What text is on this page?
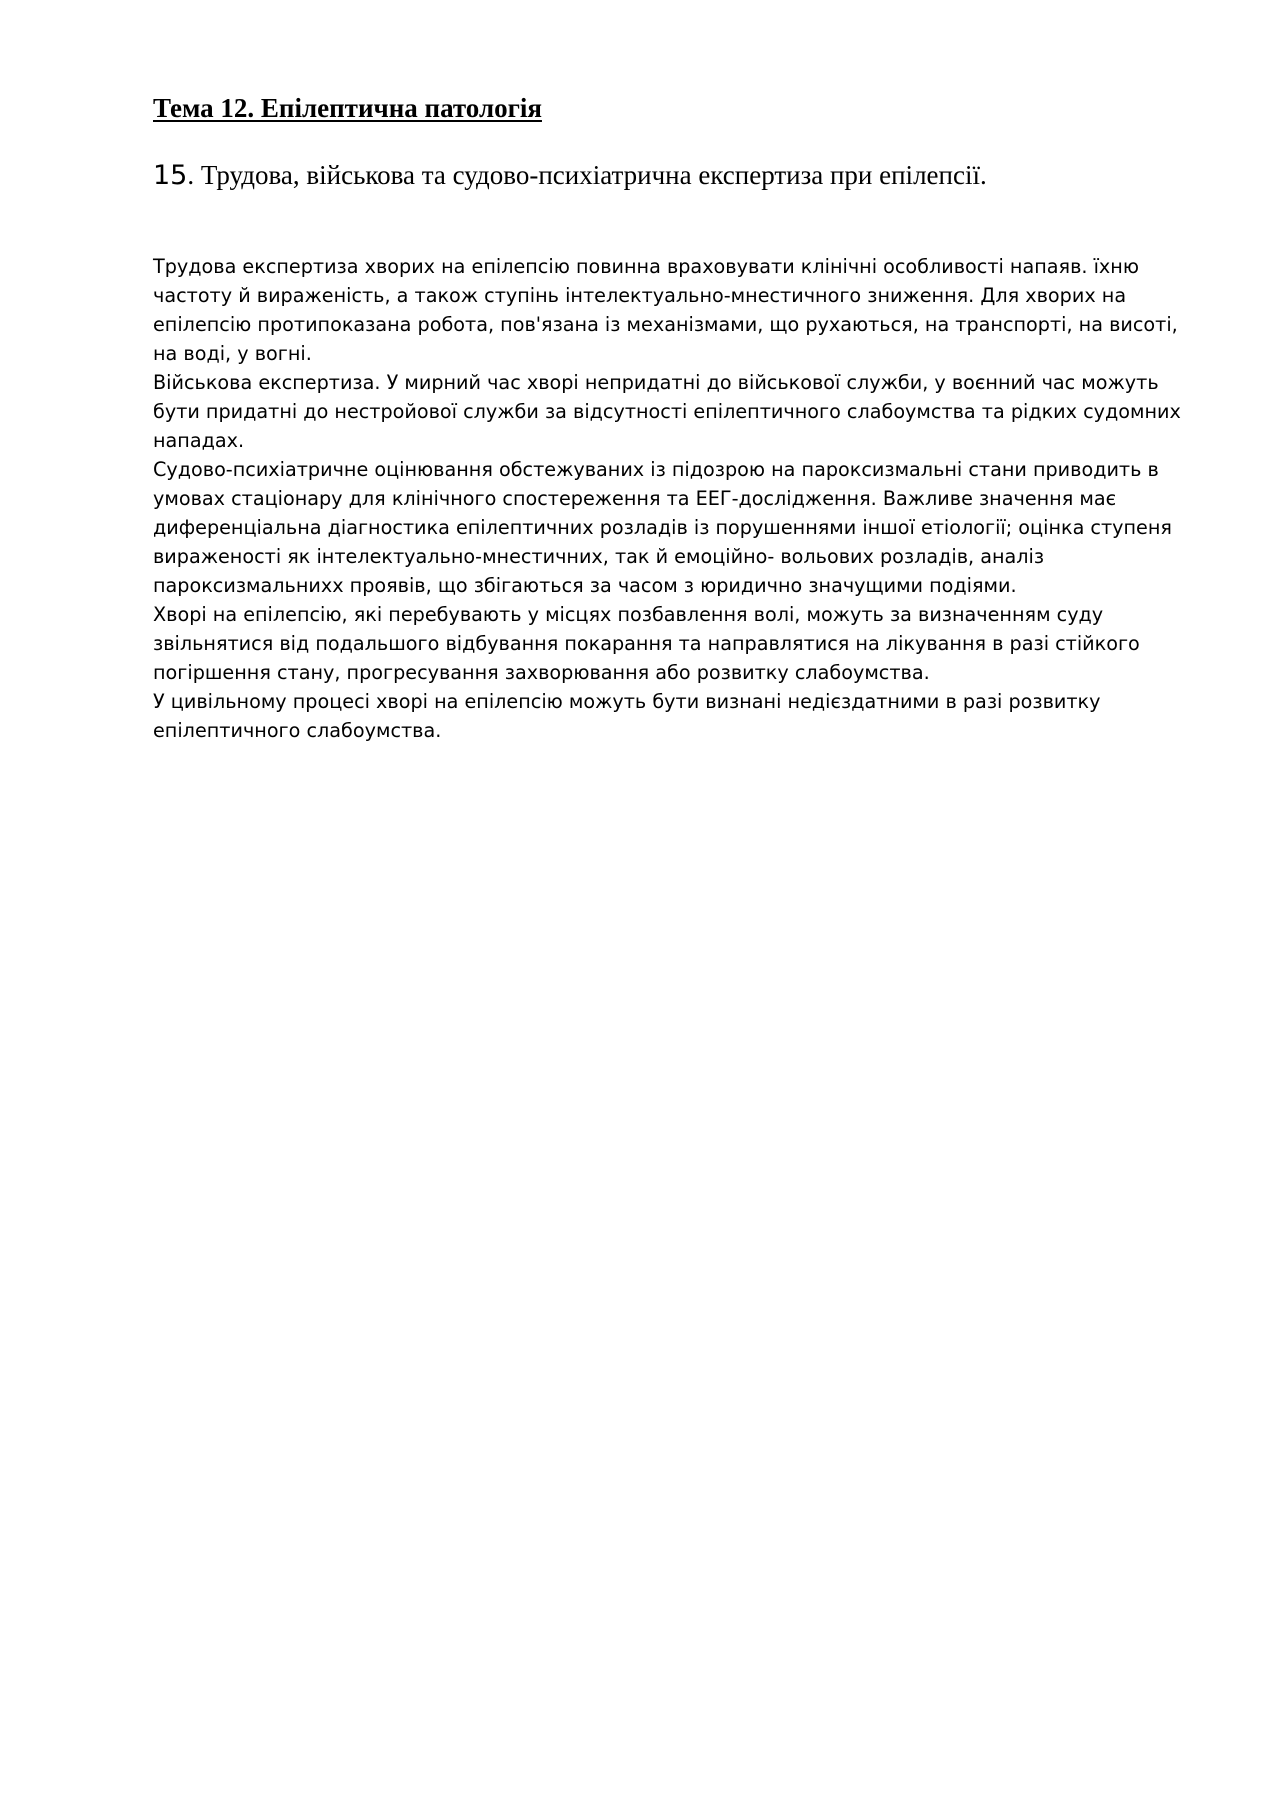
Тема 12. Епілептична патологія
15. Трудова, військова та судово-психіатрична експертиза при епілепсії.

Трудова експертиза хворих на епілепсію повинна враховувати клінічні особливості напаяв. їхню частоту й вираженість, а також ступінь інтелектуально-мнестичного зниження. Для хворих на епілепсію протипоказана робота, пов'язана із механізмами, що рухаються, на транспорті, на висоті, на воді, у вогні.

Військова експертиза. У мирний час хворі непридатні до військової служби, у воєнний час можуть бути придатні до нестройової служби за відсутності епілептичного слабоумства та рідких судомних нападах.

Судово-психіатричне оцінювання обстежуваних із підозрою на пароксизмальні стани приводить в умовах стаціонару для клінічного спостереження та ЕЕГ-дослідження. Важливе значення має диференціальна діагностика епілептичних розладів із порушеннями іншої етіології; оцінка ступеня вираженості як інтелектуально-мнестичних, так й емоційно- вольових розладів, аналіз пароксизмальнихх проявів, що збігаються за часом з юридично значущими подіями.

Хворі на епілепсію, які перебувають у місцях позбавлення волі, можуть за визначенням суду звільнятися від подальшого відбування покарання та направлятися на лікування в разі стійкого погіршення стану, прогресування захворювання або розвитку слабоумства.

У цивільному процесі хворі на епілепсію можуть бути визнані недієздатними в разі розвитку епілептичного слабоумства.
